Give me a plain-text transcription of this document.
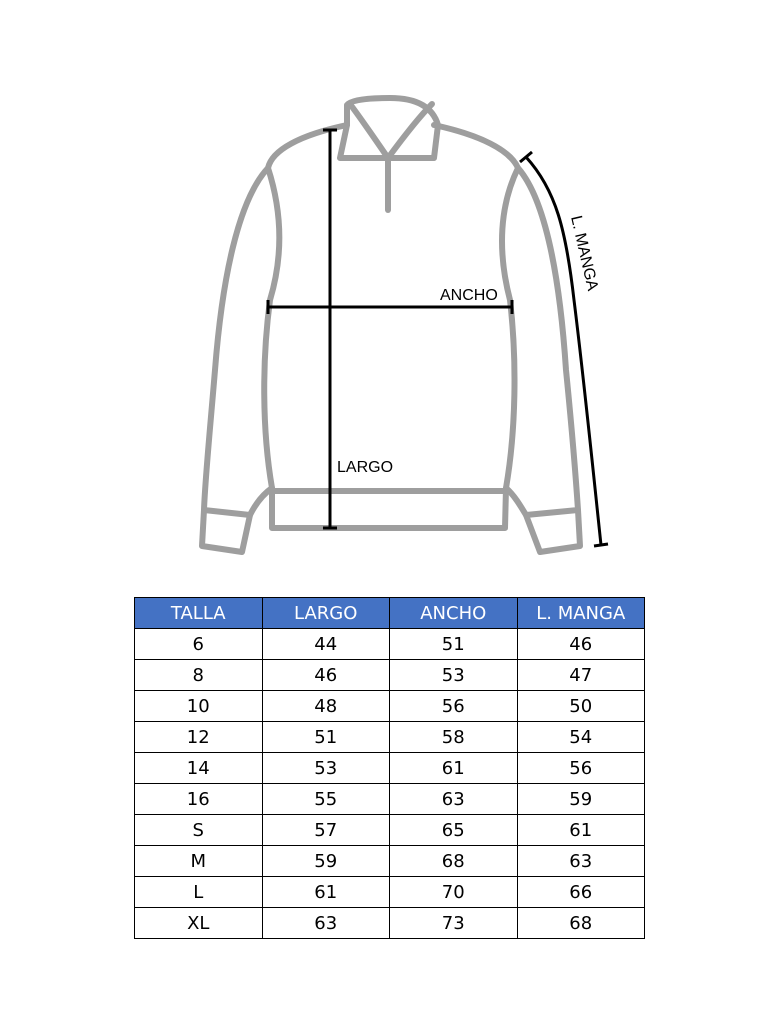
ANCHO
LARGO
L. MANGA
TALLA	LARGO	ANCHO	L. MANGA
6	44	51	46
8	46	53	47
10	48	56	50
12	51	58	54
14	53	61	56
16	55	63	59
S	57	65	61
M	59	68	63
L	61	70	66
XL	63	73	68
